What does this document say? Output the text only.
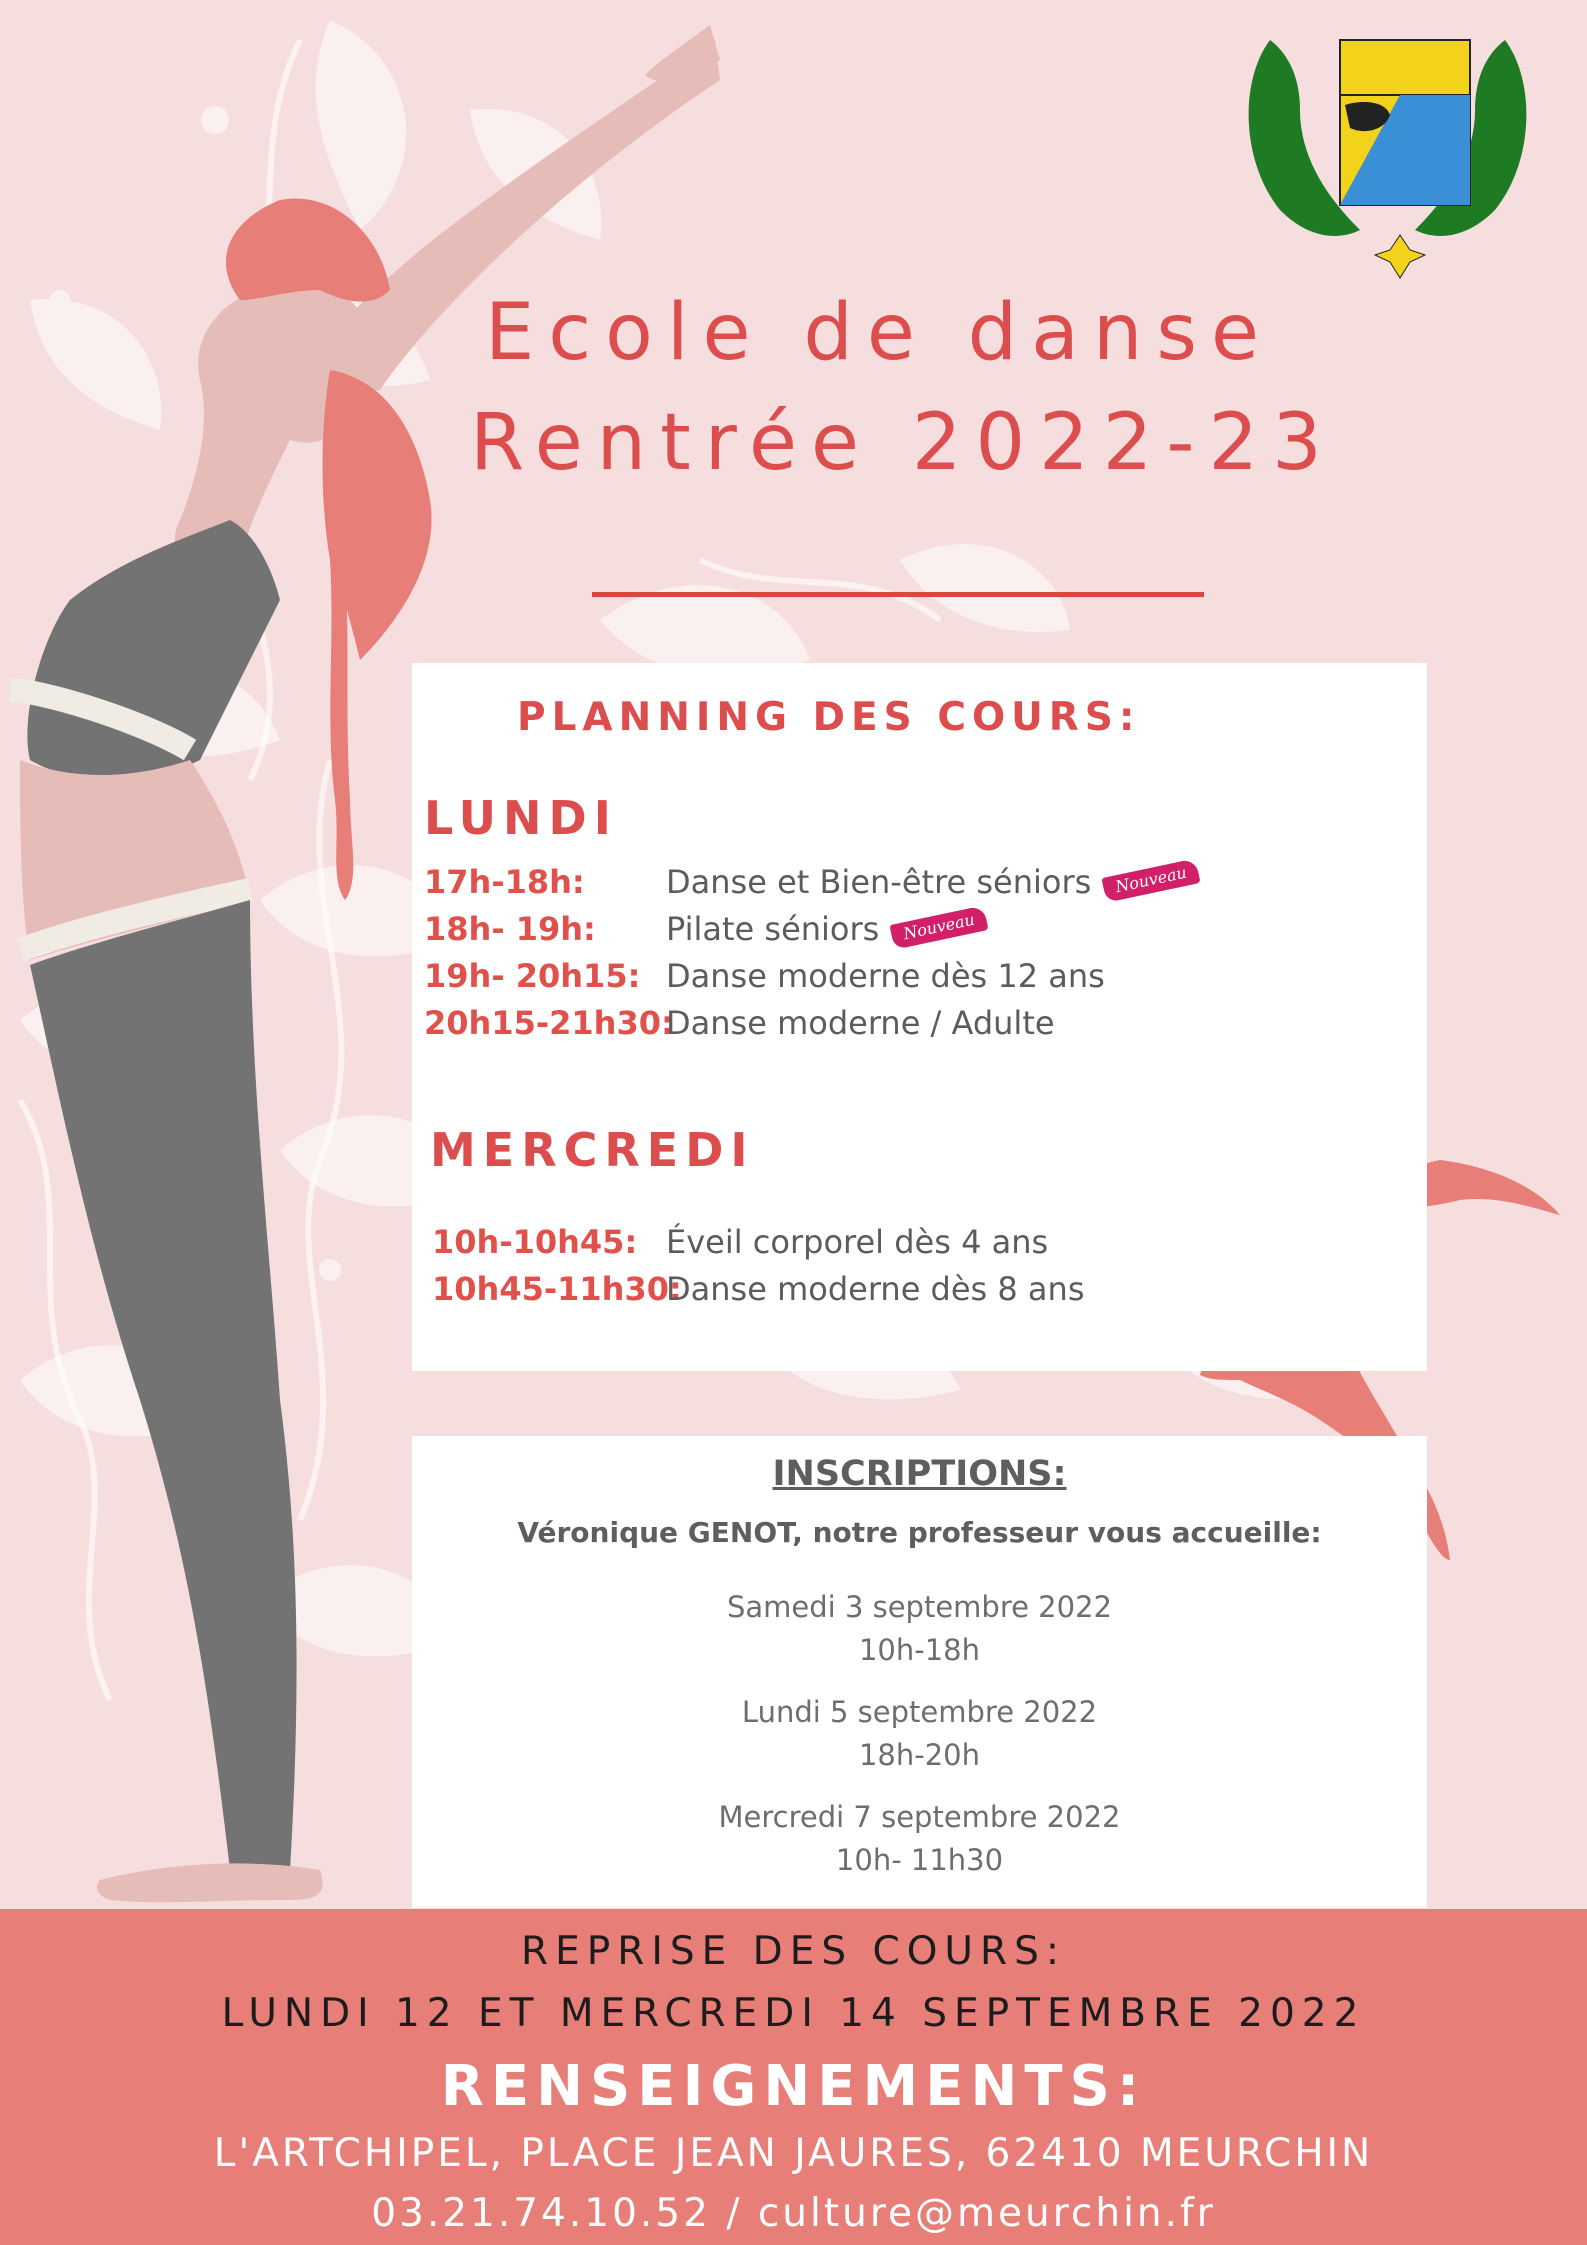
Ecole de danse
Rentrée 2022-23
PLANNING DES COURS:
LUNDI
17h-18h:	Danse et Bien-être séniors Nouveau
18h- 19h: Pilate séniors Nouveau
19h- 20h15: Danse moderne dès 12 ans
20h15-21h30:
Danse moderne / Adulte
MERCREDI
10h-10h45: Éveil corporel dès 4 ans
10h45-11h30:
Danse moderne dès 8 ans
INSCRIPTIONS:
Véronique GENOT, notre professeur vous accueille:
Samedi 3 septembre 2022
10h-18h
Lundi 5 septembre 2022
18h-20h
Mercredi 7 septembre 2022
10h- 11h30
REPRISE DES COURS:
LUNDI 12 ET MERCREDI 14 SEPTEMBRE 2022
RENSEIGNEMENTS:
L'ARTCHIPEL, PLACE JEAN JAURES, 62410 MEURCHIN
03.21.74.10.52 / culture@meurchin.fr
